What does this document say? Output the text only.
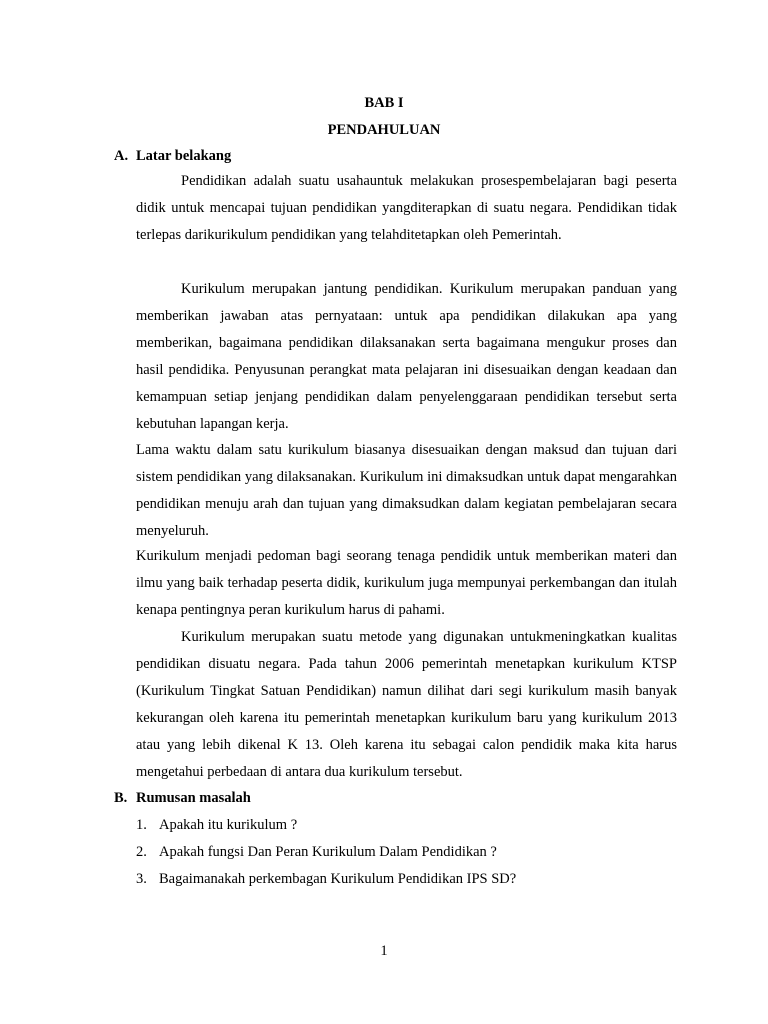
BAB I
PENDAHULUAN
A. Latar belakang

Pendidikan adalah suatu usahauntuk melakukan prosespembelajaran bagi peserta didik untuk mencapai tujuan pendidikan yangditerapkan di suatu negara. Pendidikan tidak terlepas darikurikulum pendidikan yang telahditetapkan oleh Pemerintah.

Kurikulum merupakan jantung pendidikan. Kurikulum merupakan panduan yang memberikan jawaban atas pernyataan: untuk apa pendidikan dilakukan apa yang memberikan, bagaimana pendidikan dilaksanakan serta bagaimana mengukur proses dan hasil pendidika. Penyusunan perangkat mata pelajaran ini disesuaikan dengan keadaan dan kemampuan setiap jenjang pendidikan dalam penyelenggaraan pendidikan tersebut serta kebutuhan lapangan kerja.

Lama waktu dalam satu kurikulum biasanya disesuaikan dengan maksud dan tujuan dari sistem pendidikan yang dilaksanakan. Kurikulum ini dimaksudkan untuk dapat mengarahkan pendidikan menuju arah dan tujuan yang dimaksudkan dalam kegiatan pembelajaran secara menyeluruh.

Kurikulum menjadi pedoman bagi seorang tenaga pendidik untuk memberikan materi dan ilmu yang baik terhadap peserta didik, kurikulum juga mempunyai perkembangan dan itulah kenapa pentingnya peran kurikulum harus di pahami.

Kurikulum merupakan suatu metode yang digunakan untukmeningkatkan kualitas pendidikan disuatu negara. Pada tahun 2006 pemerintah menetapkan kurikulum KTSP (Kurikulum Tingkat Satuan Pendidikan) namun dilihat dari segi kurikulum masih banyak kekurangan oleh karena itu pemerintah menetapkan kurikulum baru yang kurikulum 2013 atau yang lebih dikenal K 13. Oleh karena itu sebagai calon pendidik maka kita harus mengetahui perbedaan di antara dua kurikulum tersebut.

B. Rumusan masalah
1. Apakah itu kurikulum ?
2. Apakah fungsi Dan Peran Kurikulum Dalam Pendidikan ?
3. Bagaimanakah perkembagan Kurikulum Pendidikan IPS SD?
1
